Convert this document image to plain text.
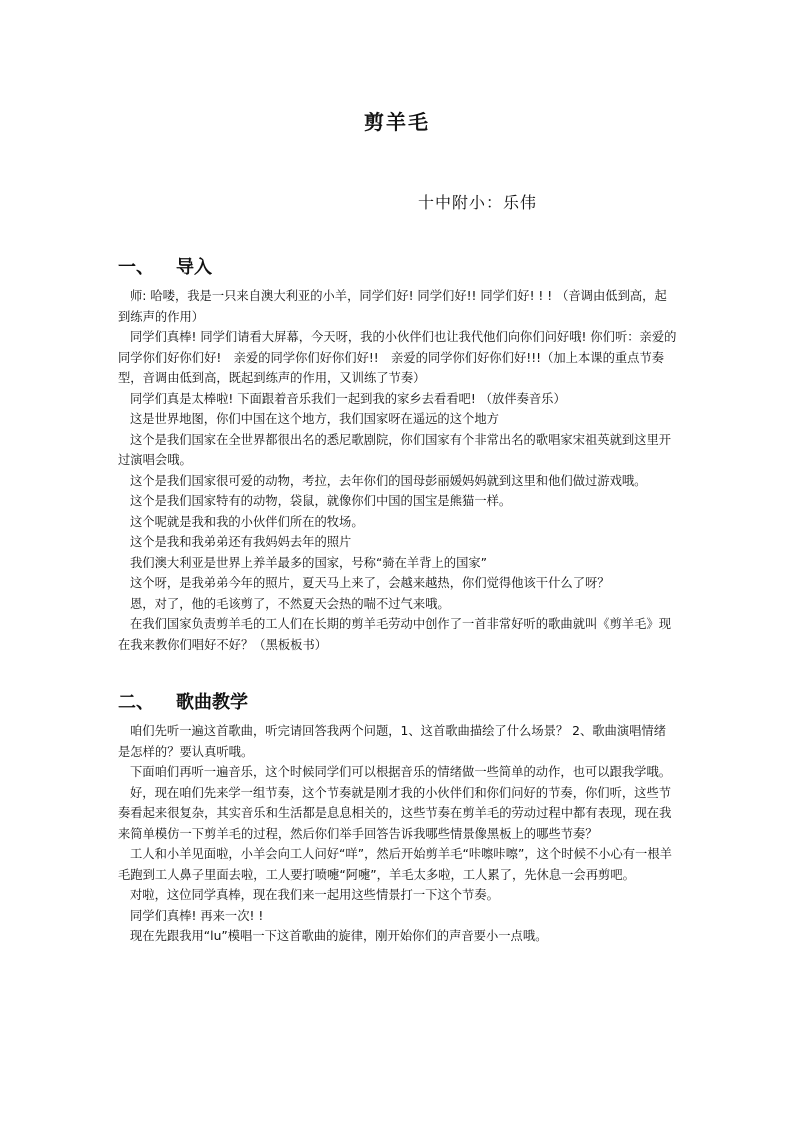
剪羊毛
十中附小：乐伟
一、 导入

师: 哈喽，我是一只来自澳大利亚的小羊，同学们好! 同学们好!! 同学们好! ! ! （音调由低到高，起到练声的作用）

同学们真棒! 同学们请看大屏幕，今天呀，我的小伙伴们也让我代他们向你们问好哦! 你们听：亲爱的同学你们好你们好!　亲爱的同学你们好你们好!!　亲爱的同学你们好你们好!!!（加上本课的重点节奏型，音调由低到高，既起到练声的作用，又训练了节奏）

同学们真是太棒啦! 下面跟着音乐我们一起到我的家乡去看看吧! （放伴奏音乐）

这是世界地图，你们中国在这个地方，我们国家呀在遥远的这个地方

这个是我们国家在全世界都很出名的悉尼歌剧院，你们国家有个非常出名的歌唱家宋祖英就到这里开过演唱会哦。

这个是我们国家很可爱的动物，考拉，去年你们的国母彭丽媛妈妈就到这里和他们做过游戏哦。

这个是我们国家特有的动物，袋鼠，就像你们中国的国宝是熊猫一样。

这个呢就是我和我的小伙伴们所在的牧场。

这个是我和我弟弟还有我妈妈去年的照片

我们澳大利亚是世界上养羊最多的国家，号称“骑在羊背上的国家”

这个呀，是我弟弟今年的照片，夏天马上来了，会越来越热，你们觉得他该干什么了呀？

恩，对了，他的毛该剪了，不然夏天会热的喘不过气来哦。

在我们国家负责剪羊毛的工人们在长期的剪羊毛劳动中创作了一首非常好听的歌曲就叫《剪羊毛》现在我来教你们唱好不好？（黑板板书）

二、 歌曲教学

咱们先听一遍这首歌曲，听完请回答我两个问题，1、这首歌曲描绘了什么场景？ 2、歌曲演唱情绪是怎样的？要认真听哦。

下面咱们再听一遍音乐，这个时候同学们可以根据音乐的情绪做一些简单的动作，也可以跟我学哦。

好，现在咱们先来学一组节奏，这个节奏就是刚才我的小伙伴们和你们问好的节奏，你们听，这些节奏看起来很复杂，其实音乐和生活都是息息相关的，这些节奏在剪羊毛的劳动过程中都有表现，现在我来简单模仿一下剪羊毛的过程，然后你们举手回答告诉我哪些情景像黑板上的哪些节奏？

工人和小羊见面啦，小羊会向工人问好“咩”，然后开始剪羊毛“咔嚓咔嚓”，这个时候不小心有一根羊毛跑到工人鼻子里面去啦，工人要打喷嚏“阿嚏”，羊毛太多啦，工人累了，先休息一会再剪吧。

对啦，这位同学真棒，现在我们来一起用这些情景打一下这个节奏。

同学们真棒! 再来一次! !

现在先跟我用“lu”模唱一下这首歌曲的旋律，刚开始你们的声音要小一点哦。
